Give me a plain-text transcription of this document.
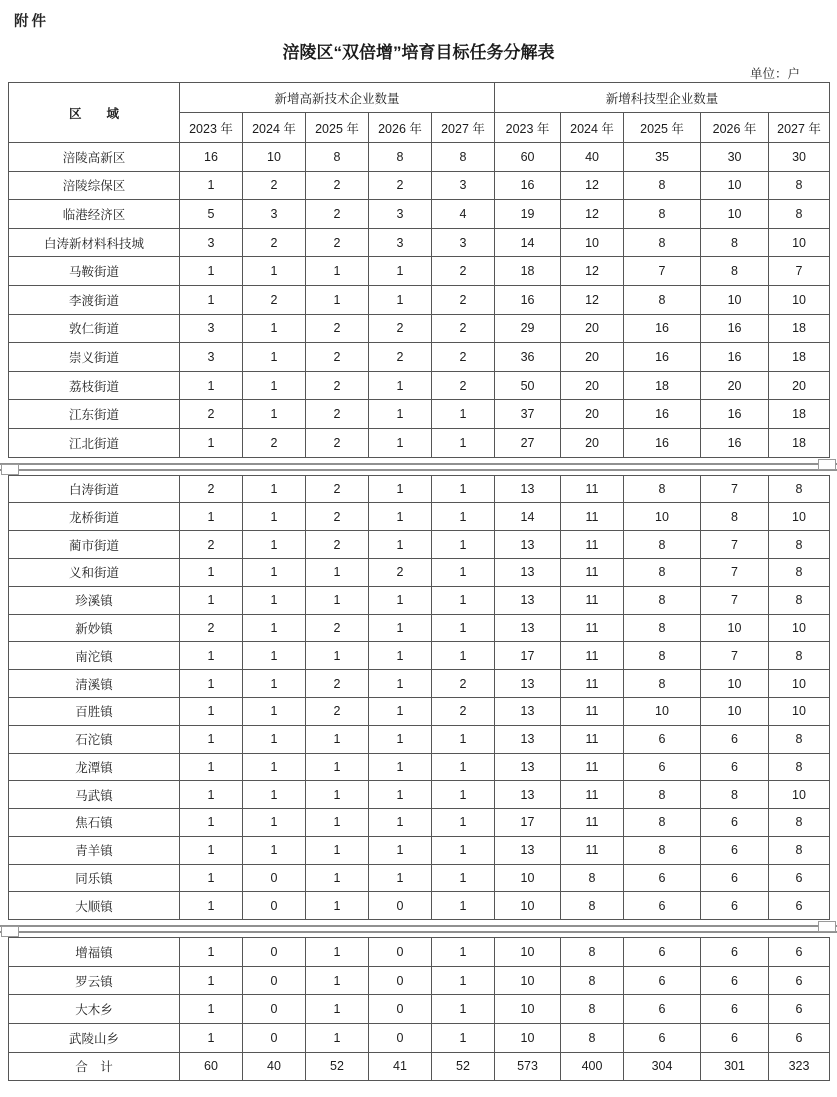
附件
涪陵区“双倍增”培育目标任务分解表
单位：户
区　　域	新增高新技术企业数量					新增科技型企业数量				
	2023 年	2024 年	2025 年	2026 年	2027 年	2023 年	2024 年	2025 年	2026 年	2027 年
涪陵高新区	16	10	8	8	8	60	40	35	30	30
涪陵综保区	1	2	2	2	3	16	12	8	10	8
临港经济区	5	3	2	3	4	19	12	8	10	8
白涛新材料科技城	3	2	2	3	3	14	10	8	8	10
马鞍街道	1	1	1	1	2	18	12	7	8	7
李渡街道	1	2	1	1	2	16	12	8	10	10
敦仁街道	3	1	2	2	2	29	20	16	16	18
崇义街道	3	1	2	2	2	36	20	16	16	18
荔枝街道	1	1	2	1	2	50	20	18	20	20
江东街道	2	1	2	1	1	37	20	16	16	18
江北街道	1	2	2	1	1	27	20	16	16	18
白涛街道	2	1	2	1	1	13	11	8	7	8
龙桥街道	1	1	2	1	1	14	11	10	8	10
蔺市街道	2	1	2	1	1	13	11	8	7	8
义和街道	1	1	1	2	1	13	11	8	7	8
珍溪镇	1	1	1	1	1	13	11	8	7	8
新妙镇	2	1	2	1	1	13	11	8	10	10
南沱镇	1	1	1	1	1	17	11	8	7	8
清溪镇	1	1	2	1	2	13	11	8	10	10
百胜镇	1	1	2	1	2	13	11	10	10	10
石沱镇	1	1	1	1	1	13	11	6	6	8
龙潭镇	1	1	1	1	1	13	11	6	6	8
马武镇	1	1	1	1	1	13	11	8	8	10
焦石镇	1	1	1	1	1	17	11	8	6	8
青羊镇	1	1	1	1	1	13	11	8	6	8
同乐镇	1	0	1	1	1	10	8	6	6	6
大顺镇	1	0	1	0	1	10	8	6	6	6
增福镇	1	0	1	0	1	10	8	6	6	6
罗云镇	1	0	1	0	1	10	8	6	6	6
大木乡	1	0	1	0	1	10	8	6	6	6
武陵山乡	1	0	1	0	1	10	8	6	6	6
合　计	60	40	52	41	52	573	400	304	301	323
